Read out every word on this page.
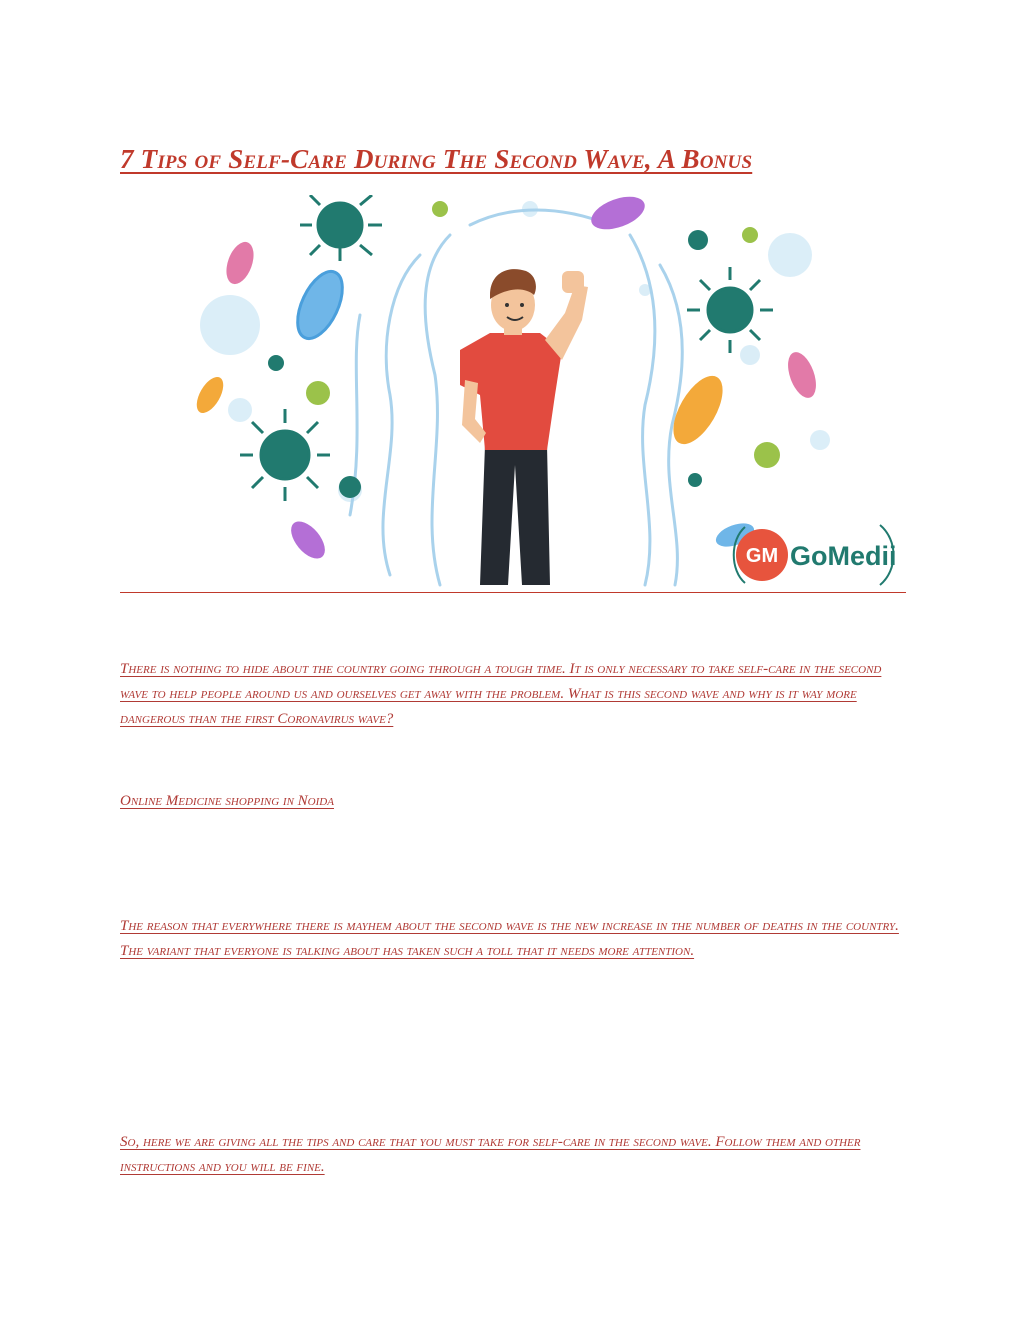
7 Tips of Self-Care During The Second Wave, A Bonus
GM GoMedii

There is nothing to hide about the country going through a tough time. It is only necessary to take self-care in the second wave to help people around us and ourselves get away with the problem. What is this second wave and why is it way more dangerous than the first Coronavirus wave?

Online Medicine shopping in Noida

The reason that everywhere there is mayhem about the second wave is the new increase in the number of deaths in the country. The variant that everyone is talking about has taken such a toll that it needs more attention.

So, here we are giving all the tips and care that you must take for self-care in the second wave. Follow them and other instructions and you will be fine.
